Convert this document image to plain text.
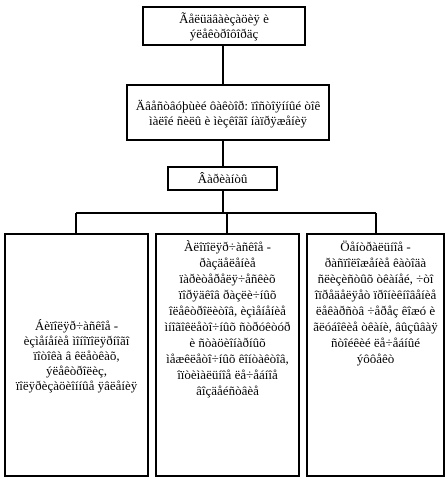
Ãåëüäâàèçàöèÿ è ýëåêòðîôîðäç
Äâåñòâóþùèé ôàêòîð: ïîñòîÿííûé òîê ìàëîé ñèëû è ìèçêîãî íàïðÿæåíèÿ
Âàðèàíòû
Áèïîëÿð÷àñêîå - èçìåíåíèå ìîíîïîëÿðíîãî ïîòîêà â êëåòêàõ, ýëåêòðîëèç, ïîëÿðèçàöèîííûå ÿâëåíèÿ
Àëîïîëÿð÷àñêîå - ðàçäåëåíèå ïàðèòåðåëÿ÷åñêèõ ïîðÿäêîâ ðàçëè÷íûõ îëåêòðîëèòîâ, èçìåíåíèå ìíîãîêëåòî÷íûõ ñòðóêòóð è ñòàöèîíàðíûõ ìåæêëåòî÷íûõ êîíòàêòîâ, îïòèìàëüíîå ëå÷åáíîå âîçäåéñòâèå
Öåíòðàëüíîå - ðàñïîëîæåíèå êàòîäà ñëèçèñòûõ òêàíåé, ÷òî îïðåäåëÿåò ïðîíèêíîâåíèå ëåêàðñòâ ÷åðåç êîæó è ãëóáîêèå òêàíè, âûçûâàÿ ñòîéêèé ëå÷åáíûé ýôôåêò
